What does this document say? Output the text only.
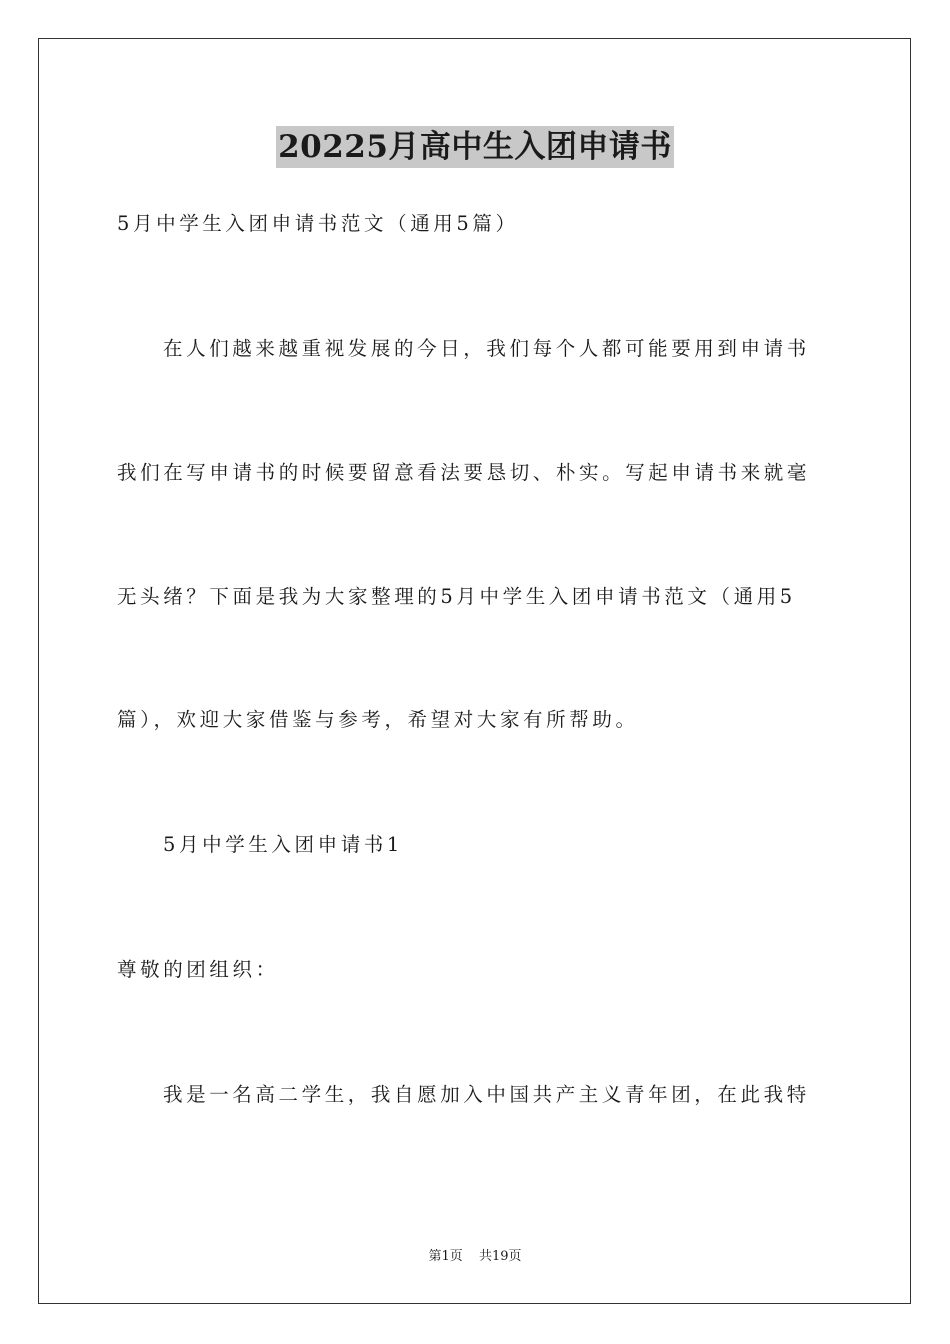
20225月高中生入团申请书
5月中学生入团申请书范文（通用5篇）
在人们越来越重视发展的今日，我们每个人都可能要用到申请书
我们在写申请书的时候要留意看法要恳切、朴实。写起申请书来就毫
无头绪？下面是我为大家整理的5月中学生入团申请书范文（通用5
篇），欢迎大家借鉴与参考，希望对大家有所帮助。
5月中学生入团申请书1
尊敬的团组织：
我是一名高二学生，我自愿加入中国共产主义青年团，在此我特
第1页 共19页
